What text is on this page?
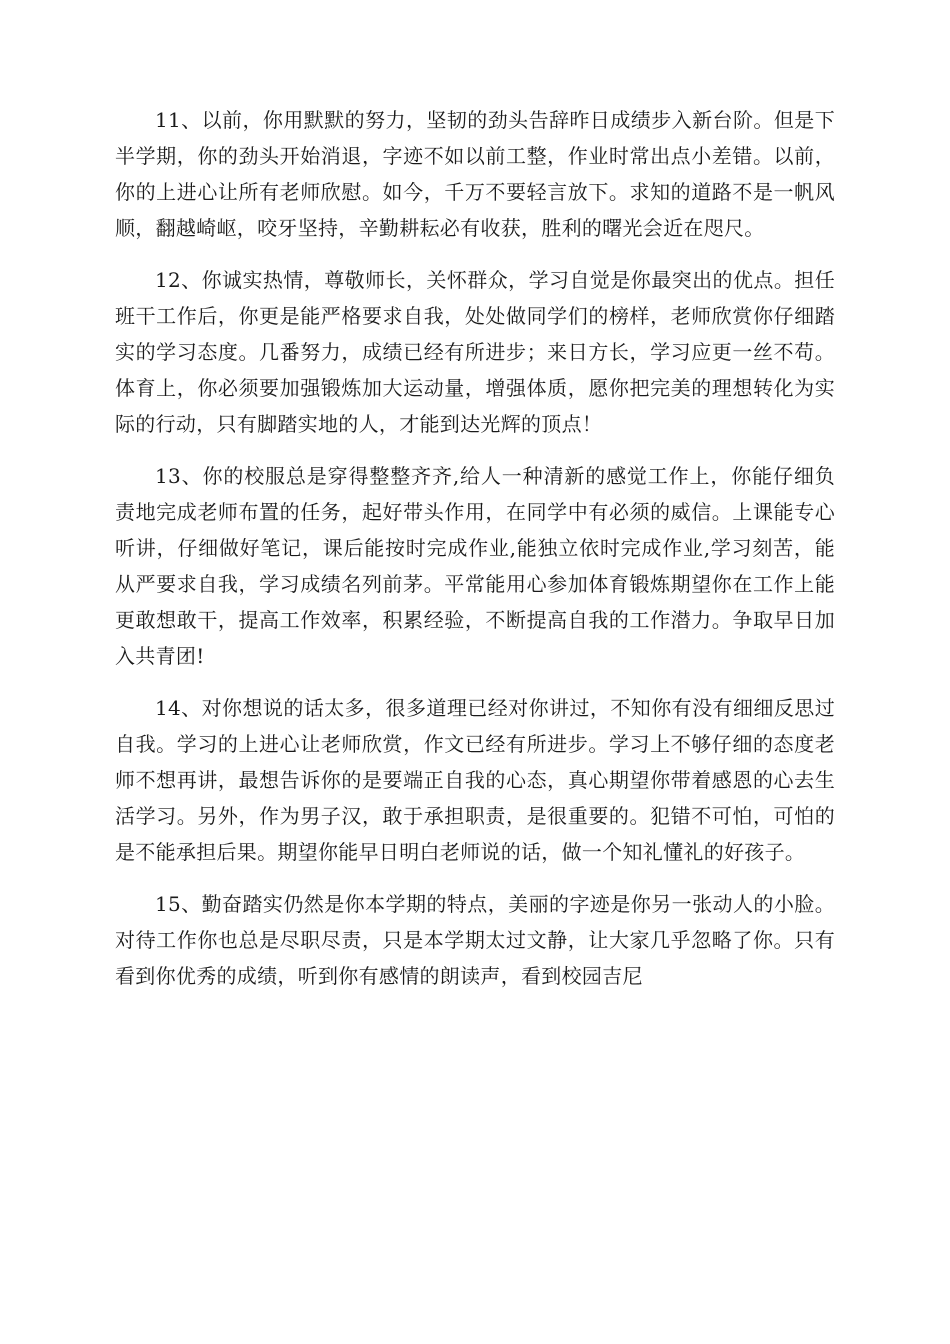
11、以前，你用默默的努力，坚韧的劲头告辞昨日成绩步入新台阶。但是下半学期，你的劲头开始消退，字迹不如以前工整，作业时常出点小差错。以前，你的上进心让所有老师欣慰。如今，千万不要轻言放下。求知的道路不是一帆风顺，翻越崎岖，咬牙坚持，辛勤耕耘必有收获，胜利的曙光会近在咫尺。

12、你诚实热情，尊敬师长，关怀群众，学习自觉是你最突出的优点。担任班干工作后，你更是能严格要求自我，处处做同学们的榜样，老师欣赏你仔细踏实的学习态度。几番努力，成绩已经有所进步；来日方长，学习应更一丝不苟。体育上，你必须要加强锻炼加大运动量，增强体质，愿你把完美的理想转化为实际的行动，只有脚踏实地的人，才能到达光辉的顶点！

13、你的校服总是穿得整整齐齐,给人一种清新的感觉工作上，你能仔细负责地完成老师布置的任务，起好带头作用，在同学中有必须的威信。上课能专心听讲，仔细做好笔记，课后能按时完成作业,能独立依时完成作业,学习刻苦，能从严要求自我，学习成绩名列前茅。平常能用心参加体育锻炼期望你在工作上能更敢想敢干，提高工作效率，积累经验，不断提高自我的工作潜力。争取早日加入共青团!

14、对你想说的话太多，很多道理已经对你讲过，不知你有没有细细反思过自我。学习的上进心让老师欣赏，作文已经有所进步。学习上不够仔细的态度老师不想再讲，最想告诉你的是要端正自我的心态，真心期望你带着感恩的心去生活学习。另外，作为男子汉，敢于承担职责，是很重要的。犯错不可怕，可怕的是不能承担后果。期望你能早日明白老师说的话，做一个知礼懂礼的好孩子。

15、勤奋踏实仍然是你本学期的特点，美丽的字迹是你另一张动人的小脸。对待工作你也总是尽职尽责，只是本学期太过文静，让大家几乎忽略了你。只有看到你优秀的成绩，听到你有感情的朗读声，看到校园吉尼
